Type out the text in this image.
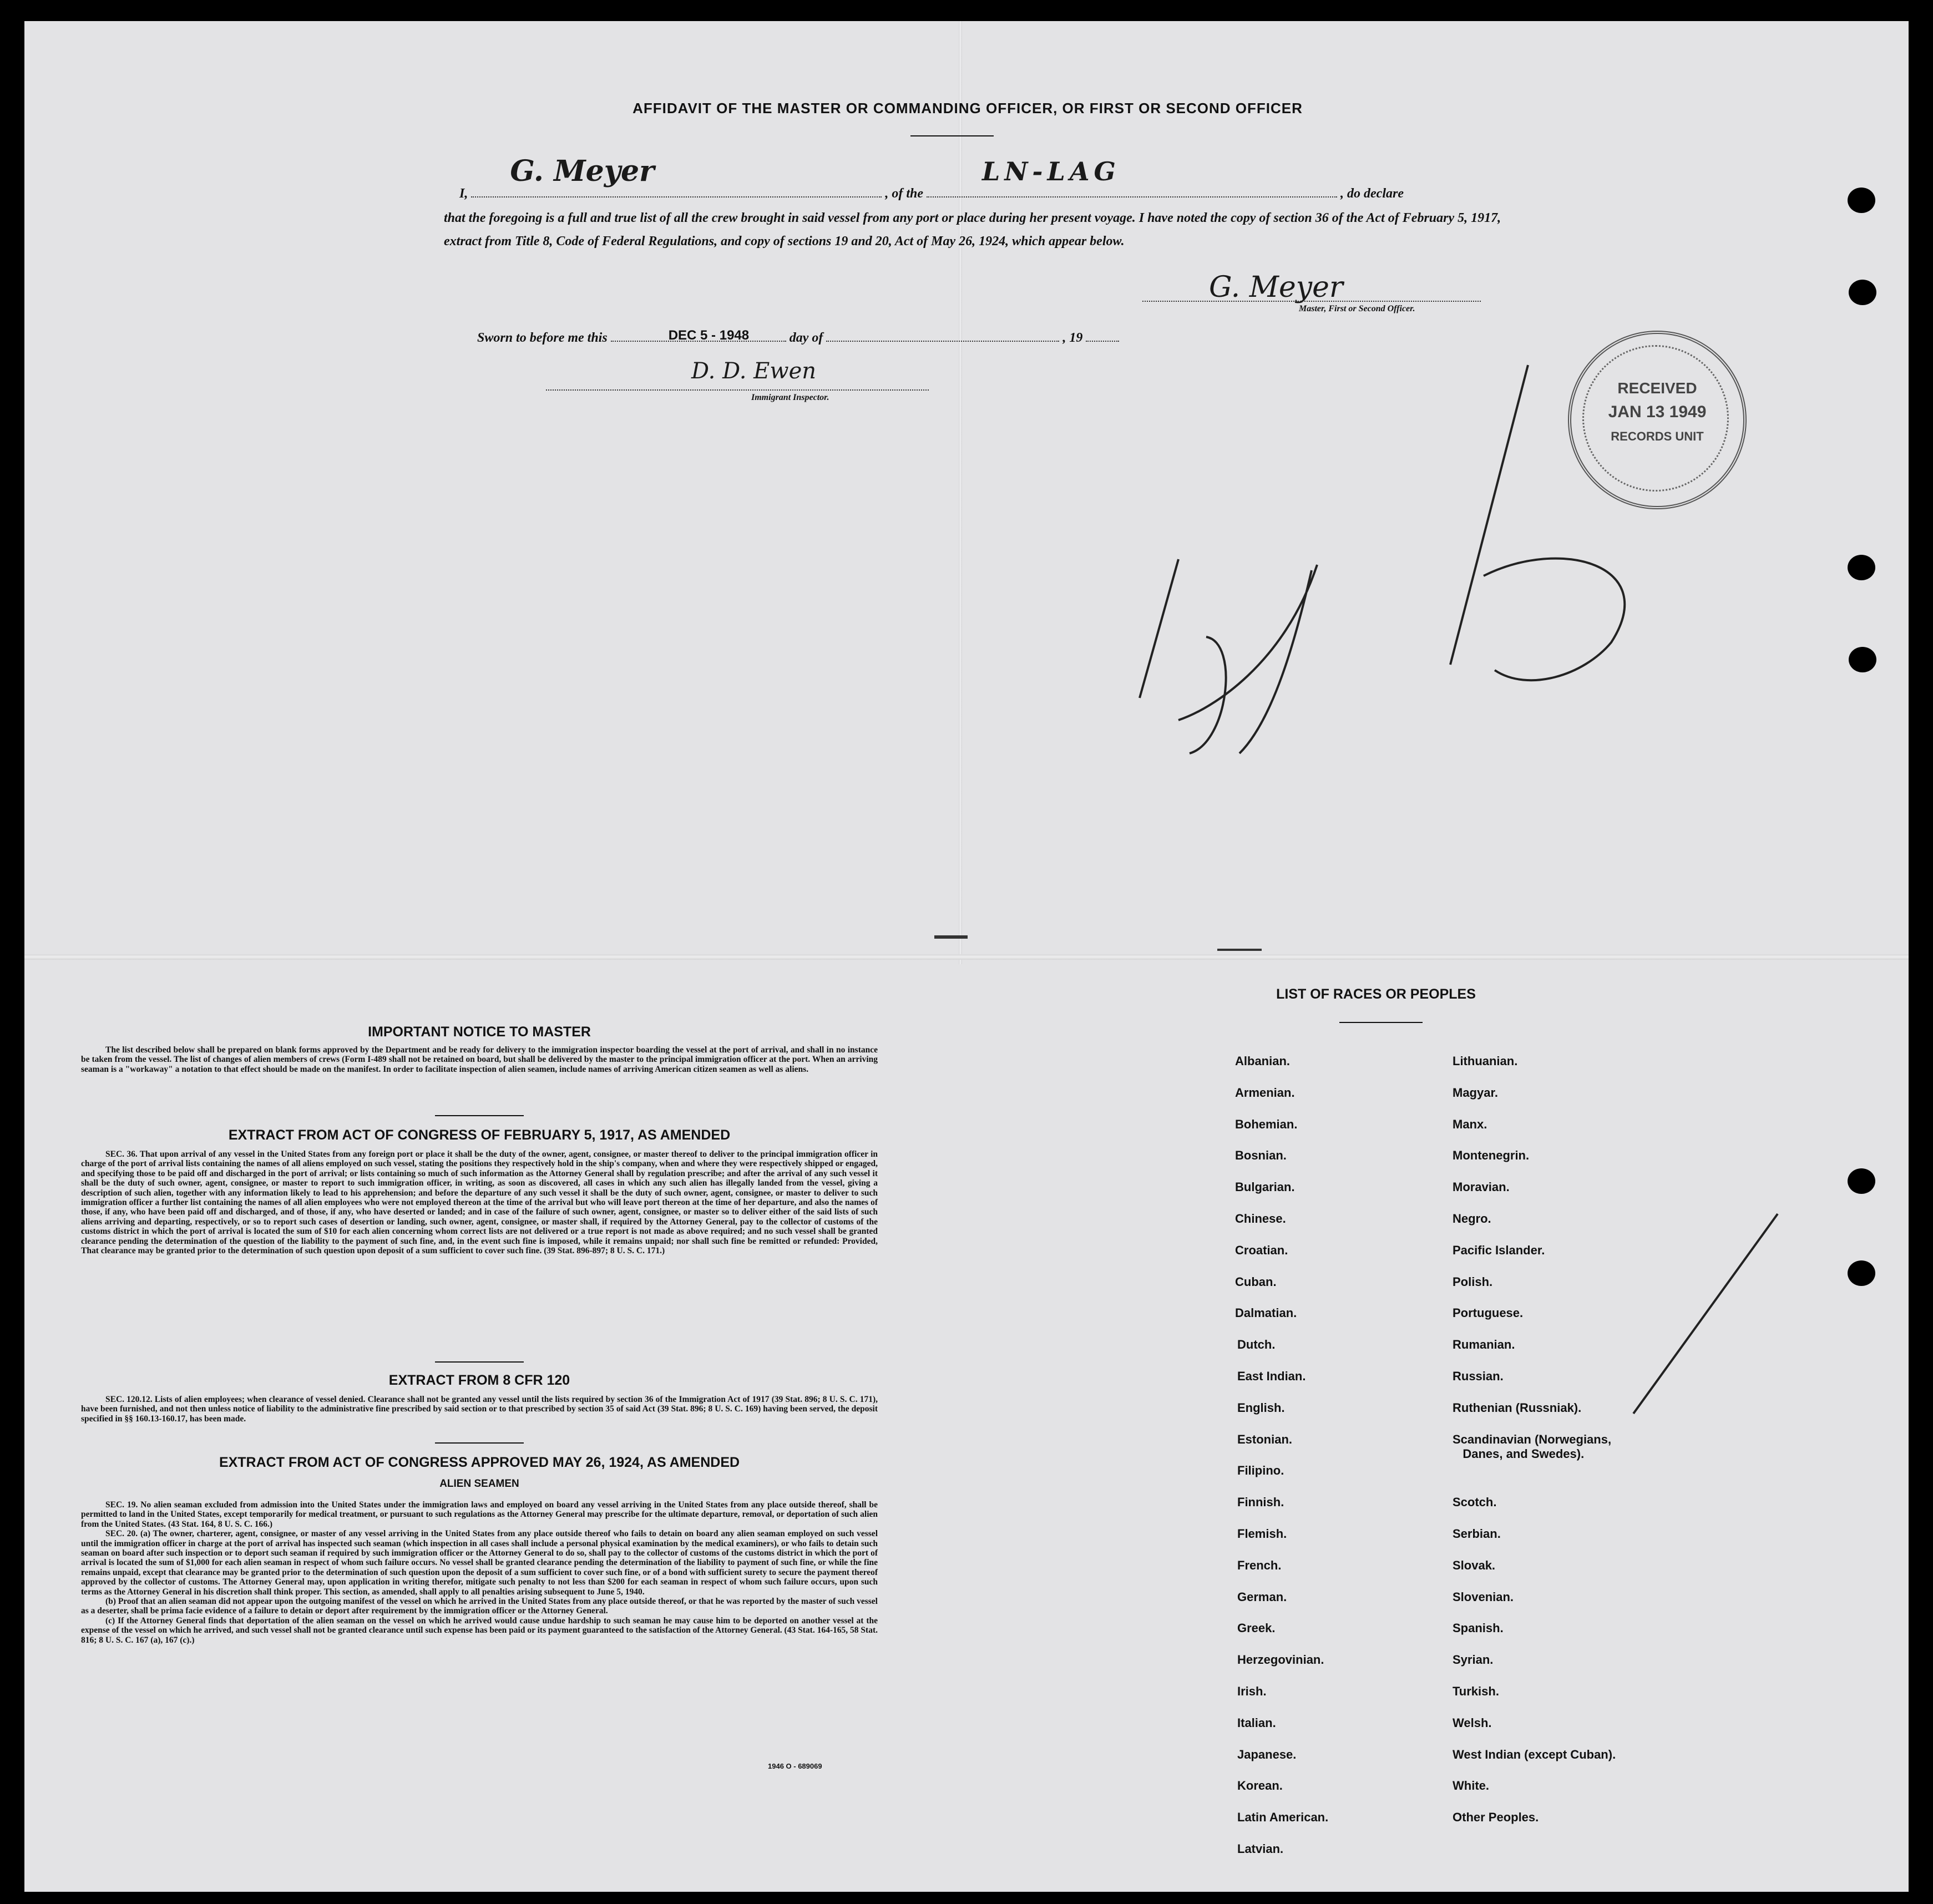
AFFIDAVIT OF THE MASTER OR COMMANDING OFFICER, OR FIRST OR SECOND OFFICER
I,
G. Meyer
, of the
LN-LAG
, do declare
that the foregoing is a full and true list of all the crew brought in said vessel from any port or place during her present voyage. I have noted the copy of section 36 of the Act of February 5, 1917, extract from Title 8, Code of Federal Regulations, and copy of sections 19 and 20, Act of May 26, 1924, which appear below.
G. Meyer
Master, First or Second Officer.
Sworn to before me this	DEC 5 - 1948	day of	, 19
D. D. Ewen
Immigrant Inspector.
RECEIVED
JAN 13 1949
RECORDS UNIT
IMPORTANT NOTICE TO MASTER

The list described below shall be prepared on blank forms approved by the Department and be ready for delivery to the immigration inspector boarding the vessel at the port of arrival, and shall in no instance be taken from the vessel. The list of changes of alien members of crews (Form I-489 shall not be retained on board, but shall be delivered by the master to the principal immigration officer at the port. When an arriving seaman is a "workaway" a notation to that effect should be made on the manifest. In order to facilitate inspection of alien seamen, include names of arriving American citizen seamen as well as aliens.

EXTRACT FROM ACT OF CONGRESS OF FEBRUARY 5, 1917, AS AMENDED

SEC. 36. That upon arrival of any vessel in the United States from any foreign port or place it shall be the duty of the owner, agent, consignee, or master thereof to deliver to the principal immigration officer in charge of the port of arrival lists containing the names of all aliens employed on such vessel, stating the positions they respectively hold in the ship's company, when and where they were respectively shipped or engaged, and specifying those to be paid off and discharged in the port of arrival; or lists containing so much of such information as the Attorney General shall by regulation prescribe; and after the arrival of any such vessel it shall be the duty of such owner, agent, consignee, or master to report to such immigration officer, in writing, as soon as discovered, all cases in which any such alien has illegally landed from the vessel, giving a description of such alien, together with any information likely to lead to his apprehension; and before the departure of any such vessel it shall be the duty of such owner, agent, consignee, or master to deliver to such immigration officer a further list containing the names of all alien employees who were not employed thereon at the time of the arrival but who will leave port thereon at the time of her departure, and also the names of those, if any, who have been paid off and discharged, and of those, if any, who have deserted or landed; and in case of the failure of such owner, agent, consignee, or master so to deliver either of the said lists of such aliens arriving and departing, respectively, or so to report such cases of desertion or landing, such owner, agent, consignee, or master shall, if required by the Attorney General, pay to the collector of customs of the customs district in which the port of arrival is located the sum of $10 for each alien concerning whom correct lists are not delivered or a true report is not made as above required; and no such vessel shall be granted clearance pending the determination of the question of the liability to the payment of such fine, and, in the event such fine is imposed, while it remains unpaid; nor shall such fine be remitted or refunded: Provided, That clearance may be granted prior to the determination of such question upon deposit of a sum sufficient to cover such fine. (39 Stat. 896-897; 8 U. S. C. 171.)

EXTRACT FROM 8 CFR 120

SEC. 120.12. Lists of alien employees; when clearance of vessel denied. Clearance shall not be granted any vessel until the lists required by section 36 of the Immigration Act of 1917 (39 Stat. 896; 8 U. S. C. 171), have been furnished, and not then unless notice of liability to the administrative fine prescribed by said section or to that prescribed by section 35 of said Act (39 Stat. 896; 8 U. S. C. 169) having been served, the deposit specified in §§ 160.13-160.17, has been made.

EXTRACT FROM ACT OF CONGRESS APPROVED MAY 26, 1924, AS AMENDED
ALIEN SEAMEN

SEC. 19. No alien seaman excluded from admission into the United States under the immigration laws and employed on board any vessel arriving in the United States from any place outside thereof, shall be permitted to land in the United States, except temporarily for medical treatment, or pursuant to such regulations as the Attorney General may prescribe for the ultimate departure, removal, or deportation of such alien from the United States. (43 Stat. 164, 8 U. S. C. 166.)

SEC. 20. (a) The owner, charterer, agent, consignee, or master of any vessel arriving in the United States from any place outside thereof who fails to detain on board any alien seaman employed on such vessel until the immigration officer in charge at the port of arrival has inspected such seaman (which inspection in all cases shall include a personal physical examination by the medical examiners), or who fails to detain such seaman on board after such inspection or to deport such seaman if required by such immigration officer or the Attorney General to do so, shall pay to the collector of customs of the customs district in which the port of arrival is located the sum of $1,000 for each alien seaman in respect of whom such failure occurs. No vessel shall be granted clearance pending the determination of the liability to payment of such fine, or while the fine remains unpaid, except that clearance may be granted prior to the determination of such question upon the deposit of a sum sufficient to cover such fine, or of a bond with sufficient surety to secure the payment thereof approved by the collector of customs. The Attorney General may, upon application in writing therefor, mitigate such penalty to not less than $200 for each seaman in respect of whom such failure occurs, upon such terms as the Attorney General in his discretion shall think proper. This section, as amended, shall apply to all penalties arising subsequent to June 5, 1940.

(b) Proof that an alien seaman did not appear upon the outgoing manifest of the vessel on which he arrived in the United States from any place outside thereof, or that he was reported by the master of such vessel as a deserter, shall be prima facie evidence of a failure to detain or deport after requirement by the immigration officer or the Attorney General.

(c) If the Attorney General finds that deportation of the alien seaman on the vessel on which he arrived would cause undue hardship to such seaman he may cause him to be deported on another vessel at the expense of the vessel on which he arrived, and such vessel shall not be granted clearance until such expense has been paid or its payment guaranteed to the satisfaction of the Attorney General. (43 Stat. 164-165, 58 Stat. 816; 8 U. S. C. 167 (a), 167 (c).)

1946 O - 689069
LIST OF RACES OR PEOPLES
Albanian.
Armenian.
Bohemian.
Bosnian.
Bulgarian.
Chinese.
Croatian.
Cuban.
Dalmatian.
Dutch.
East Indian.
English.
Estonian.
Filipino.
Finnish.
Flemish.
French.
German.
Greek.
Herzegovinian.
Irish.
Italian.
Japanese.
Korean.
Latin American.
Latvian.
Lithuanian.
Magyar.
Manx.
Montenegrin.
Moravian.
Negro.
Pacific Islander.
Polish.
Portuguese.
Rumanian.
Russian.
Ruthenian (Russniak).
Scandinavian (Norwegians,
Danes, and Swedes).
Scotch.
Serbian.
Slovak.
Slovenian.
Spanish.
Syrian.
Turkish.
Welsh.
West Indian (except Cuban).
White.
Other Peoples.
